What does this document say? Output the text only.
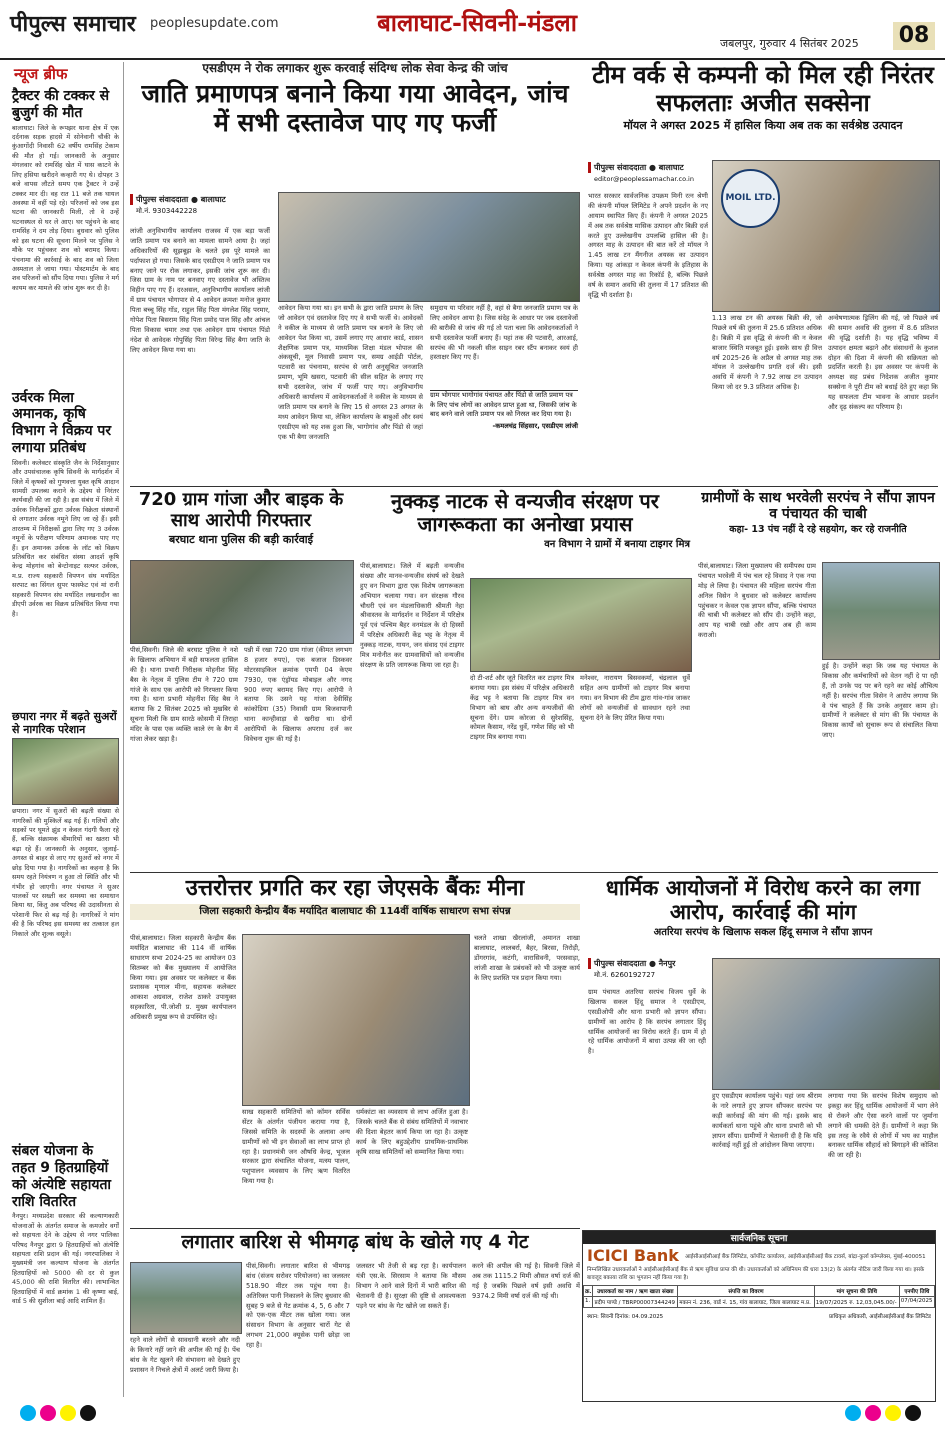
पीपुल्स समाचार peoplesupdate.com	बालाघाट-सिवनी-मंडला
जबलपुर, गुरुवार 4 सितंबर 2025 08
न्यूज ब्रीफ
ट्रैक्टर की टक्कर से बुजुर्ग की मौत
बालाघाट। जिले के रूपझर थाना क्षेत्र में एक दर्दनाक सड़क हादसे में सोनेवानी चौकी के कुंआगोंदी निवासी 62 वर्षीय रामसिंह टेकाम की मौत हो गई। जानकारी के अनुसार मंगलवार को रामसिंह खेत में घास काटने के लिए हसिया खरीदने कन्हारी गए थे। दोपहर 3 बजे वापस लौटते समय एक ट्रैक्टर ने उन्हें टक्कर मार दी। वह रात 11 बजे तक घायल अवस्था में वहीं पड़े रहे। परिजनों को जब इस घटना की जानकारी मिली, तो वे उन्हें घटनास्थल से घर ले आए। घर पहुंचने के बाद रामसिंह ने दम तोड़ दिया। बुधवार को पुलिस को इस घटना की सूचना मिलने पर पुलिस ने मौके पर पहुंचकर शव को बरामद किया। पंचनामा की कार्रवाई के बाद शव को जिला अस्पताल ले जाया गया। पोस्टमार्टम के बाद शव परिजनों को सौंप दिया गया। पुलिस ने मर्ग कायम कर मामले की जांच शुरू कर दी है।
उर्वरक मिला अमानक, कृषि विभाग ने विक्रय पर लगाया प्रतिबंध
सिवनी। कलेक्टर संस्कृति जैन के निर्देशानुसार और उपसंचालक कृषि सिवनी के मार्गदर्शन में जिले में कृषकों को गुणवत्ता युक्त कृषि आदान सामग्री उपलब्ध कराने के उद्देश्य से निरंतर कार्यवाही की जा रही है। इस संबंध में जिले में उर्वरक निरीक्षकों द्वारा उर्वरक विक्रेता संस्थानों से लगातार उर्वरक नमूने लिए जा रहे हैं। इसी तारतम्य में निरीक्षकों द्वारा लिए गए 3 उर्वरक नमूनों के परीक्षण परिणाम अमानक पाए गए हैं। इन अमानक उर्वरक के लॉट को विक्रय प्रतिबंधित कर संबंधित संस्था आदर्श कृषि केन्द्र मोहगांव को बेन्टोनाइट सल्फर उर्वरक, म.प्र. राज्य सहकारी विपणन संघ मर्यादित सरपाट का सिंगल सुपर फास्फेट एवं मां रानी सहकारी विपणन संघ मर्यादित लखनादौन का डीएपी उर्वरक का विक्रय प्रतिबंधित किया गया है।
छपारा नगर में बढ़ते सुअरों से नागरिक परेशान
छपारा। नगर में सुअरों की बढ़ती संख्या से नागरिकों की मुश्किलें बढ़ गई हैं। गलियों और सड़कों पर घूमते झुंड न केवल गंदगी फैला रहे हैं, बल्कि संक्रामक बीमारियों का खतरा भी बढ़ा रहे हैं। जानकारी के अनुसार, जुलाई-अगस्त से बाहर से लाए गए सुअरों को नगर में छोड़ दिया गया है। नागरिकों का कहना है कि समय रहते नियंत्रण न हुआ तो स्थिति और भी गंभीर हो जाएगी। नगर पंचायत ने सुअर पालकों पर सख्ती कर समस्या का समाधान किया था, किंतु अब परिषद की उदासीनता से परेशानी फिर से बढ़ गई है। नागरिकों ने मांग की है कि परिषद इस समस्या का तत्काल हल निकाले और शुल्क वसूले।
संबल योजना के तहत 9 हितग्राहियों को अंत्येष्टि सहायता राशि वितरित
नैनपुर। मध्यप्रदेश सरकार की कल्याणकारी योजनाओं के अंतर्गत समाज के कमजोर वर्गों को सहायता देने के उद्देश्य से नगर पालिका परिषद नैनपुर द्वारा 9 हितग्राहियों को अंत्येष्टि सहायता राशि प्रदान की गई। नगरपालिका ने मुख्यमंत्री जन कल्याण योजना के अंतर्गत हितग्राहियों को 5000 की दर से कुल 45,000 की राशि वितरित की। लाभान्वित हितग्राहियों में वार्ड क्रमांक 1 की कृष्णा बाई, वार्ड 5 की सुशीला बाई आदि शामिल हैं।
एसडीएम ने रोक लगाकर शुरू करवाई संदिग्ध लोक सेवा केन्द्र की जांच
जाति प्रमाणपत्र बनाने किया गया आवेदन, जांच में सभी दस्तावेज पाए गए फर्जी
पीपुल्स संवाददाता ● बालाघाट
मो.नं. 9303442228
लांजी अनुविभागीय कार्यालय राजस्व में एक बड़ा फर्जी जाति प्रमाण पत्र बनाने का मामला सामने आया है। जहां अधिकारियों की सूझबूझ के चलते इस पूरे मामले का पर्दाफाश हो गया। जिसके बाद एसडीएम ने जाति प्रमाण पत्र बनाए जाने पर रोक लगाकर, इसकी जांच शुरू कर दी। जिस ग्राम के नाम पर बनवाए गए दस्तावेज भी अस्तित्व विहीन पाए गए हैं। दरअसल, अनुविभागीय कार्यालय लांजी में ग्राम पंचायत भोगापार से 4 आवेदन क्रमशः मनोज कुमार पिता बच्चू सिंह गोंड, राहुल सिंह पिता मंगलेश सिंह परमार, गोपेश पिता बिसराम सिंह पिता प्रमोद पाल सिंह और आंचल पिता विकास चमार तथा एक आवेदन ग्राम पंचायत पिंडो नंदेश से आवेदक गोपुसिंह पिता विरेन्द्र सिंह बैगा जाति के लिए आवेदन किया गया था।
आवेदन किया गया था। इन सभी के द्वारा जाति प्रमाण के लिए जो आवेदन एवं दस्तावेज दिए गए वे सभी फर्जी थे। आवेदकों ने वकील के माध्यम से जाति प्रमाण पत्र बनाने के लिए जो आवेदन पेश किया था, उसमें लगाए गए आधार कार्ड, शासन शैक्षणिक प्रमाण पत्र, माध्यमिक शिक्षा मंडल भोपाल की अंकसूची, मूल निवासी प्रमाण पत्र, समग्र आईडी पोर्टल, पटवारी का पंचनामा, सरपंच से जारी अनुसूचित जनजाति प्रमाण, भूमि खसरा, पटवारी की सील सहित के लगाए गए सभी दस्तावेज, जांच में फर्जी पाए गए। अनुविभागीय अधिकारी कार्यालय में आवेदनकर्ताओं ने वकील के माध्यम से जाति प्रमाण पत्र बनाने के लिए 15 से अगस्त 23 अगस्त के मध्य आवेदन किया था, लेकिन कार्यालय के बाबुओं और स्वयं एसडीएम को यह शक हुआ कि, भागोगांव और पिंडो से जहां एक भी बैगा जनजाति
समुदाय या परिवार नहीं है, वहां से बैगा जनजाति प्रमाण पत्र के लिए आवेदन आया है। जिस संदेह के आधार पर जब दस्तावेजों की बारीकी से जांच की गई तो पता चला कि आवेदनकर्ताओं ने सभी दस्तावेज फर्जी बनाए हैं। यहां तक की पटवारी, आरआई, सरपंच की भी नकली सील साइन रबर स्टैंप बनाकर स्वयं ही हस्ताक्षर किए गए हैं।
ग्राम भोगपार भागोगांव पंचायत और पिंडो से जाति प्रमाण पत्र के लिए पांच लोगों का आवेदन प्राप्त हुआ था, जिसकी जांच के बाद बनने वाले जाति प्रमाण पत्र को निरस्त कर दिया गया है।
-कमलचंद्र सिंहसार, एसडीएम लांजी
टीम वर्क से कम्पनी को मिल रही निरंतर सफलताः अजीत सक्सेना
मॉयल ने अगस्त 2025 में हासिल किया अब तक का सर्वश्रेष्ठ उत्पादन
पीपुल्स संवाददाता ● बालाघाट
editor@peoplessamachar.co.in
MOIL LTD.
भारत सरकार सार्वजनिक उपक्रम मिनी रत्न श्रेणी की कंपनी मॉयल लिमिटेड ने अपने प्रदर्शन के नए आयाम स्थापित किए हैं। कंपनी ने अगस्त 2025 में अब तक सर्वश्रेष्ठ मासिक उत्पादन और बिक्री दर्ज करते हुए उल्लेखनीय उपलब्धि हासिल की है। अगस्त माह के उत्पादन की बात करें तो मॉयल ने 1.45 लाख टन मैंगनीज अयस्क का उत्पादन किया। यह आंकड़ा न केवल कंपनी के इतिहास के सर्वश्रेष्ठ अगस्त माह का रिकॉर्ड है, बल्कि पिछले वर्ष के समान अवधि की तुलना में 17 प्रतिशत की वृद्धि भी दर्शाता है।
1.13 लाख टन की अयस्क बिक्री की, जो पिछले वर्ष की तुलना में 25.6 प्रतिशत अधिक है। बिक्री में इस वृद्धि से कंपनी की न केवल बाजार स्थिति मजबूत हुई। इसके साथ ही वित्त वर्ष 2025-26 के अप्रैल से अगस्त माह तक मॉयल ने उल्लेखनीय प्रगति दर्ज की। इसी अवधि में कंपनी ने 7.92 लाख टन उत्पादन किया जो दर 9.3 प्रतिशत अधिक है।
अन्वेषणात्मक ड्रिलिंग की गई, जो पिछले वर्ष की समान अवधि की तुलना में 8.6 प्रतिशत की वृद्धि दर्शाती है। यह वृद्धि भविष्य में उत्पादन क्षमता बढ़ाने और संसाधनों के कुशल दोहन की दिशा में कंपनी की सक्रियता को प्रदर्शित करती है। इस अवसर पर कंपनी के अध्यक्ष सह प्रबंध निदेशक अजीत कुमार सक्सेना ने पूरी टीम को बधाई देते हुए कहा कि यह सफलता टीम भावना के आधार प्रदर्शन और दृढ़ संकल्प का परिणाम है।
720 ग्राम गांजा और बाइक के साथ आरोपी गिरफ्तार
बरघाट थाना पुलिस की बड़ी कार्रवाई
पीसं,सिवनी। जिले की बरघाट पुलिस ने नशे के खिलाफ अभियान में बड़ी सफलता हासिल की है। थाना प्रभारी निरीक्षक मोहनीश सिंह बैस के नेतृत्व में पुलिस टीम ने 720 ग्राम गांजे के साथ एक आरोपी को गिरफ्तार किया गया है। थाना प्रभारी मोहनीश सिंह बैस ने बताया कि 2 सितंबर 2025 को मुखबिर से सूचना मिली कि ग्राम सारठे कोसमी में तिराहा मंदिर के पास एक व्यक्ति काले रंग के बैग में गांजा लेकर खड़ा है।
पन्नी में रखा 720 ग्राम गांजा (कीमत लगभग 8 हजार रुपए), एक बजाज डिस्कवर मोटरसाइकिल क्रमांक एमपी 04 केएम 7930, एक एंड्रॉयड मोबाइल और नगद 900 रुपए बरामद किए गए। आरोपी ने बताया कि उसने यह गांजा देवीसिंह कांकोडिया (35) निवासी ग्राम बिजवापानी थाना कान्हीवाड़ा से खरीदा था। दोनों आरोपियों के खिलाफ अपराध दर्ज कर विवेचना शुरू की गई है।
नुक्कड़ नाटक से वन्यजीव संरक्षण पर जागरूकता का अनोखा प्रयास
वन विभाग ने ग्रामों में बनाया टाइगर मित्र
पीसं,बालाघाट। जिले में बढ़ती वन्यजीव संख्या और मानव-वन्यजीव संघर्ष को देखते हुए वन विभाग द्वारा एक विशेष जागरूकता अभियान चलाया गया। वन संरक्षक गौरव चौधरी एवं वन मंडलाधिकारी श्रीमती नेहा श्रीवास्तव के मार्गदर्शन व निर्देशन में परिक्षेत्र पूर्व एवं पश्चिम बैहर वनमंडल के दो हिस्सों में परिक्षेत्र अधिकारी केंद्र भट्ट के नेतृत्व में नुक्कड़ नाटक, गायन, जन संवाद एवं टाइगर मित्र मनोनीत कर ग्रामवासियों को वन्यजीव संरक्षण के प्रति जागरूक किया जा रहा है।
दो टी-शर्ट और जूते वितरित कर टाइगर मित्र बनाया गया। इस संबंध में परिक्षेत्र अधिकारी केंद्र भट्ट ने बताया कि टाइगर मित्र वन विभाग को बाघ और अन्य वन्यजीवों की सूचना देंगे। ग्राम कोरजा से सुरेशसिंह, कोमल कैसाम, नरेंद्र धुर्वे, गणेश सिंह को भी टाइगर मित्र बनाया गया।
मनेश्वर, नारायण बिसवकर्मा, चंद्रलाल धुर्वे सहित अन्य ग्रामीणों को टाइगर मित्र बनाया गया। वन विभाग की टीम द्वारा गांव-गांव जाकर लोगों को वन्यजीवों से सावधान रहने तथा सूचना देने के लिए प्रेरित किया गया।
ग्रामीणों के साथ भरवेली सरपंच ने सौंपा ज्ञापन व पंचायत की चाबी
कहा- 13 पंच नहीं दे रहे सहयोग, कर रहे राजनीति
पीसं,बालाघाट। जिला मुख्यालय की समीपस्थ ग्राम पंचायत भरवेली में पंच चल रहे विवाद ने एक नया मोड़ ले लिया है। पंचायत की महिला सरपंच गीता अनिल विसेन ने बुधवार को कलेक्टर कार्यालय पहुंचकर न केवल एक ज्ञापन सौंपा, बल्कि पंचायत की चाबी भी कलेक्टर को सौंप दी। उन्होंने कहा, आप यह चाबी रखो और आप अब ही काम कराओ।
हुई है। उन्होंने कहा कि जब यह पंचायत के विकास और कर्मचारियों को वेतन नहीं दे पा रही हैं, तो उनके पद पर बने रहने का कोई औचित्य नहीं है। सरपंच गीता विसेन ने आरोप लगाया कि वे पंच चाहते हैं कि उनके अनुसार काम हो। ग्रामीणों ने कलेक्टर से मांग की कि पंचायत के विकास कार्यों को सुचारू रूप से संचालित किया जाए।
उत्तरोत्तर प्रगति कर रहा जेएसके बैंकः मीना
जिला सहकारी केन्द्रीय बैंक मर्यादित बालाघाट की 114वीं वार्षिक साधारण सभा संपन्न
पीसं,बालाघाट। जिला सहकारी केन्द्रीय बैंक मर्यादित बालाघाट की 114 वीं वार्षिक साधारण सभा 2024-25 का आयोजन 03 सितम्बर को बैंक मुख्यालय में आयोजित किया गया। इस अवसर पर कलेक्टर व बैंक प्रशासक मृणाल मीना, सहायक कलेक्टर आकाश अग्रवाल, राजेश ठाकरे उपायुक्त सहकारिता, पी.जोशी प्र. मुख्य कार्यपालन अधिकारी प्रमुख रूप से उपस्थित रहे।
साख सहकारी समितियों को कॉमन सर्विस सेंटर के अंतर्गत पंजीयन कराया गया है, जिससे समिति के सदस्यों के अलावा अन्य ग्रामीणों को भी इन सेवाओं का लाभ प्राप्त हो रहा है। प्रधानमंत्री जन औषधि केन्द्र, भूजल सरकार द्वारा संचालित योजना, मत्स्य पालन, पशुपालन व्यवसाय के लिए ऋण वितरित किया गया है।
धर्मकांटा का व्यवसाय से लाभ अर्जित हुआ है। जिसके चलते बैंक से संबंध समितियों में नवाचार की दिशा बेहतर कार्य किया जा रहा है। उत्कृष्ट कार्य के लिए बहुउद्देशीय प्राथमिक-प्राथमिक कृषि साख समितियों को सम्मानित किया गया।
चलते शाखा खैरलांजी, अमानत शाखा बालाघाट, लालबर्रा, बैहर, बिरसा, तिरोड़ी, डोंगरगांव, कटंगी, वारासिवनी, परसवाड़ा, लांजी शाखा के प्रबंधकों को भी उत्कृष्ट कार्य के लिए प्रशस्ति पत्र प्रदान किया गया।
धार्मिक आयोजनों में विरोध करने का लगा आरोप, कार्रवाई की मांग
अतरिया सरपंच के खिलाफ सकल हिंदू समाज ने सौंपा ज्ञापन
पीपुल्स संवाददाता ● नैनपुर
मो.नं. 6260192727
ग्राम पंचायत अतरिया सरपंच विजय धुर्वे के खिलाफ सकल हिंदू समाज ने एसडीएम, एसडीओपी और थाना प्रभारी को ज्ञापन सौंपा। ग्रामीणों का आरोप है कि सरपंच लगातार हिंदू धार्मिक आयोजनों का विरोध करते हैं। ग्राम में हो रहे धार्मिक आयोजनों में बाधा उत्पन्न की जा रही है।
हुए एसडीएम कार्यालय पहुंचे। यहां जय श्रीराम के नारे लगाते हुए ज्ञापन सौंपकर सरपंच पर कड़ी कार्रवाई की मांग की गई। इसके बाद कार्यकर्ता थाना पहुंचे और थाना प्रभारी को भी ज्ञापन सौंपा। ग्रामीणों ने चेतावनी दी है कि यदि कार्रवाई नहीं हुई तो आंदोलन किया जाएगा।
लगाया गया कि सरपंच विशेष समुदाय को इकट्ठा कर हिंदू धार्मिक आयोजनों में भाग लेने से रोकने और ऐसा करने वालों पर जुर्माना लगाने की धमकी देते हैं। ग्रामीणों ने कहा कि इस तरह के रवैये से लोगों में भय का माहौल बनाकर धार्मिक सौहार्द को बिगाड़ने की कोशिश की जा रही है।
लगातार बारिश से भीमगढ़ बांध के खोले गए 4 गेट
पीसं,सिवनी। लगातार बारिश से भीमगढ़ बांध (संजय सरोवर परियोजना) का जलस्तर 518.90 मीटर तक पहुंच गया है। अतिरिक्त पानी निकालने के लिए बुधवार की सुबह 9 बजे से गेट क्रमांक 4, 5, 6 और 7 को एक-एक मीटर तक खोला गया। जल संसाधन विभाग के अनुसार चारों गेट से लगभग 21,000 क्यूसेक पानी छोड़ा जा रहा है।
रहने वाले लोगों से सावधानी बरतने और नदी के किनारे नहीं जाने की अपील की गई है। पेंच बांध के गेट खुलने की संभावना को देखते हुए प्रशासन ने निचले क्षेत्रों में अलर्ट जारी किया है।
जलस्तर भी तेजी से बढ़ रहा है। कार्यपालन यंत्री एस.के. सिरसाम ने बताया कि मौसम विभाग ने आने वाले दिनों में भारी बारिश की चेतावनी दी है। सुरक्षा की दृष्टि से आवश्यकता पड़ने पर बांध के गेट खोले जा सकते हैं।
करने की अपील की गई है। सिवनी जिले में अब तक 1115.2 मिमी औसत वर्षा दर्ज की गई है जबकि पिछले वर्ष इसी अवधि में 9374.2 मिमी वर्षा दर्ज की गई थी।
सार्वजनिक सूचना
ICICI Bank आईसीआईसीआई बैंक लिमिटेड, कॉर्पोरेट कार्यालय, आईसीआईसीआई बैंक टावर्स, बांद्रा-कुर्ला कॉम्प्लेक्स, मुंबई-400051
निम्नलिखित उधारकर्ताओं ने आईसीआईसीआई बैंक से ऋण सुविधा प्राप्त की थी। उधारकर्ताओं को अधिनियम की धारा 13(2) के अंतर्गत नोटिस जारी किया गया था। इसके बावजूद बकाया राशि का भुगतान नहीं किया गया है।
क्र.	उधारकर्ता का नाम / ऋण खाता संख्या	संपत्ति का विवरण	मांग सूचना की तिथि	एनपीए तिथि
1.	प्रदीप पाण्डे / TBRP00007344249	मकान नं. 236, वार्ड नं. 15, गांव बालाघाट, जिला बालाघाट म.प्र.	19/07/2025 रु. 12,03,045.00/-	07/04/2025
स्थान: सिवनी दिनांक: 04.09.2025	प्राधिकृत अधिकारी, आईसीआईसीआई बैंक लिमिटेड
